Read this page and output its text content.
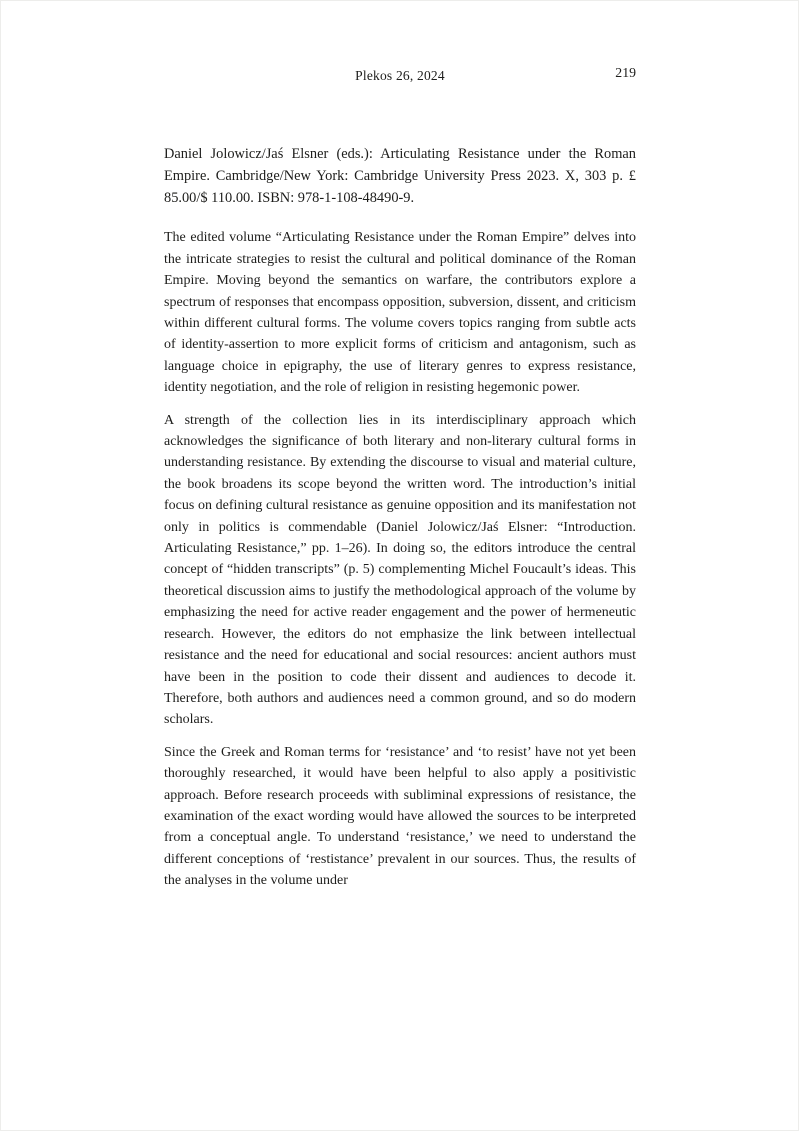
Plekos 26, 2024	219

Daniel Jolowicz/Jaś Elsner (eds.): Articulating Resistance under the Roman Empire. Cambridge/New York: Cambridge University Press 2023. X, 303 p. £ 85.00/$ 110.00. ISBN: 978-1-108-48490-9.

The edited volume “Articulating Resistance under the Roman Empire” delves into the intricate strategies to resist the cultural and political dominance of the Roman Empire. Moving beyond the semantics on warfare, the contributors explore a spectrum of responses that encompass opposition, subversion, dissent, and criticism within different cultural forms. The volume covers topics ranging from subtle acts of identity-assertion to more explicit forms of criticism and antagonism, such as language choice in epigraphy, the use of literary genres to express resistance, identity negotiation, and the role of religion in resisting hegemonic power.

A strength of the collection lies in its interdisciplinary approach which acknowledges the significance of both literary and non-literary cultural forms in understanding resistance. By extending the discourse to visual and material culture, the book broadens its scope beyond the written word. The introduction’s initial focus on defining cultural resistance as genuine opposition and its manifestation not only in politics is commendable (Daniel Jolowicz/Jaś Elsner: “Introduction. Articulating Resistance,” pp. 1–26). In doing so, the editors introduce the central concept of “hidden transcripts” (p. 5) complementing Michel Foucault’s ideas. This theoretical discussion aims to justify the methodological approach of the volume by emphasizing the need for active reader engagement and the power of hermeneutic research. However, the editors do not emphasize the link between intellectual resistance and the need for educational and social resources: ancient authors must have been in the position to code their dissent and audiences to decode it. Therefore, both authors and audiences need a common ground, and so do modern scholars.

Since the Greek and Roman terms for ‘resistance’ and ‘to resist’ have not yet been thoroughly researched, it would have been helpful to also apply a positivistic approach. Before research proceeds with subliminal expressions of resistance, the examination of the exact wording would have allowed the sources to be interpreted from a conceptual angle. To understand ‘resistance,’ we need to understand the different conceptions of ‘restistance’ prevalent in our sources. Thus, the results of the analyses in the volume under
